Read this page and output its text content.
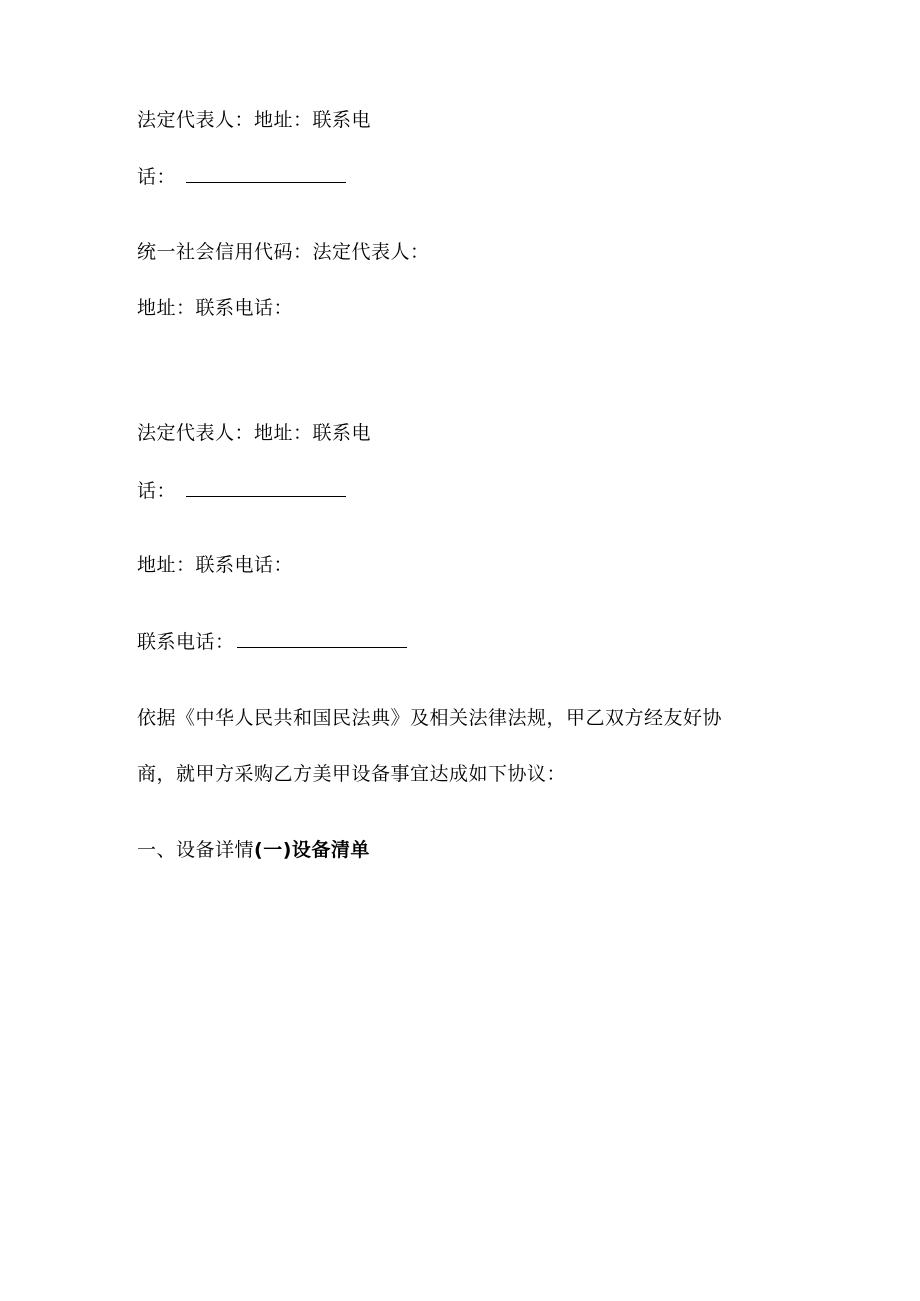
法定代表人：地址：联系电
话：
统一社会信用代码：法定代表人：
地址：联系电话：
法定代表人：地址：联系电
话：
地址：联系电话：
联系电话：
依据《中华人民共和国民法典》及相关法律法规，甲乙双方经友好协
商，就甲方采购乙方美甲设备事宜达成如下协议：
一、设备详情(一)设备清单
